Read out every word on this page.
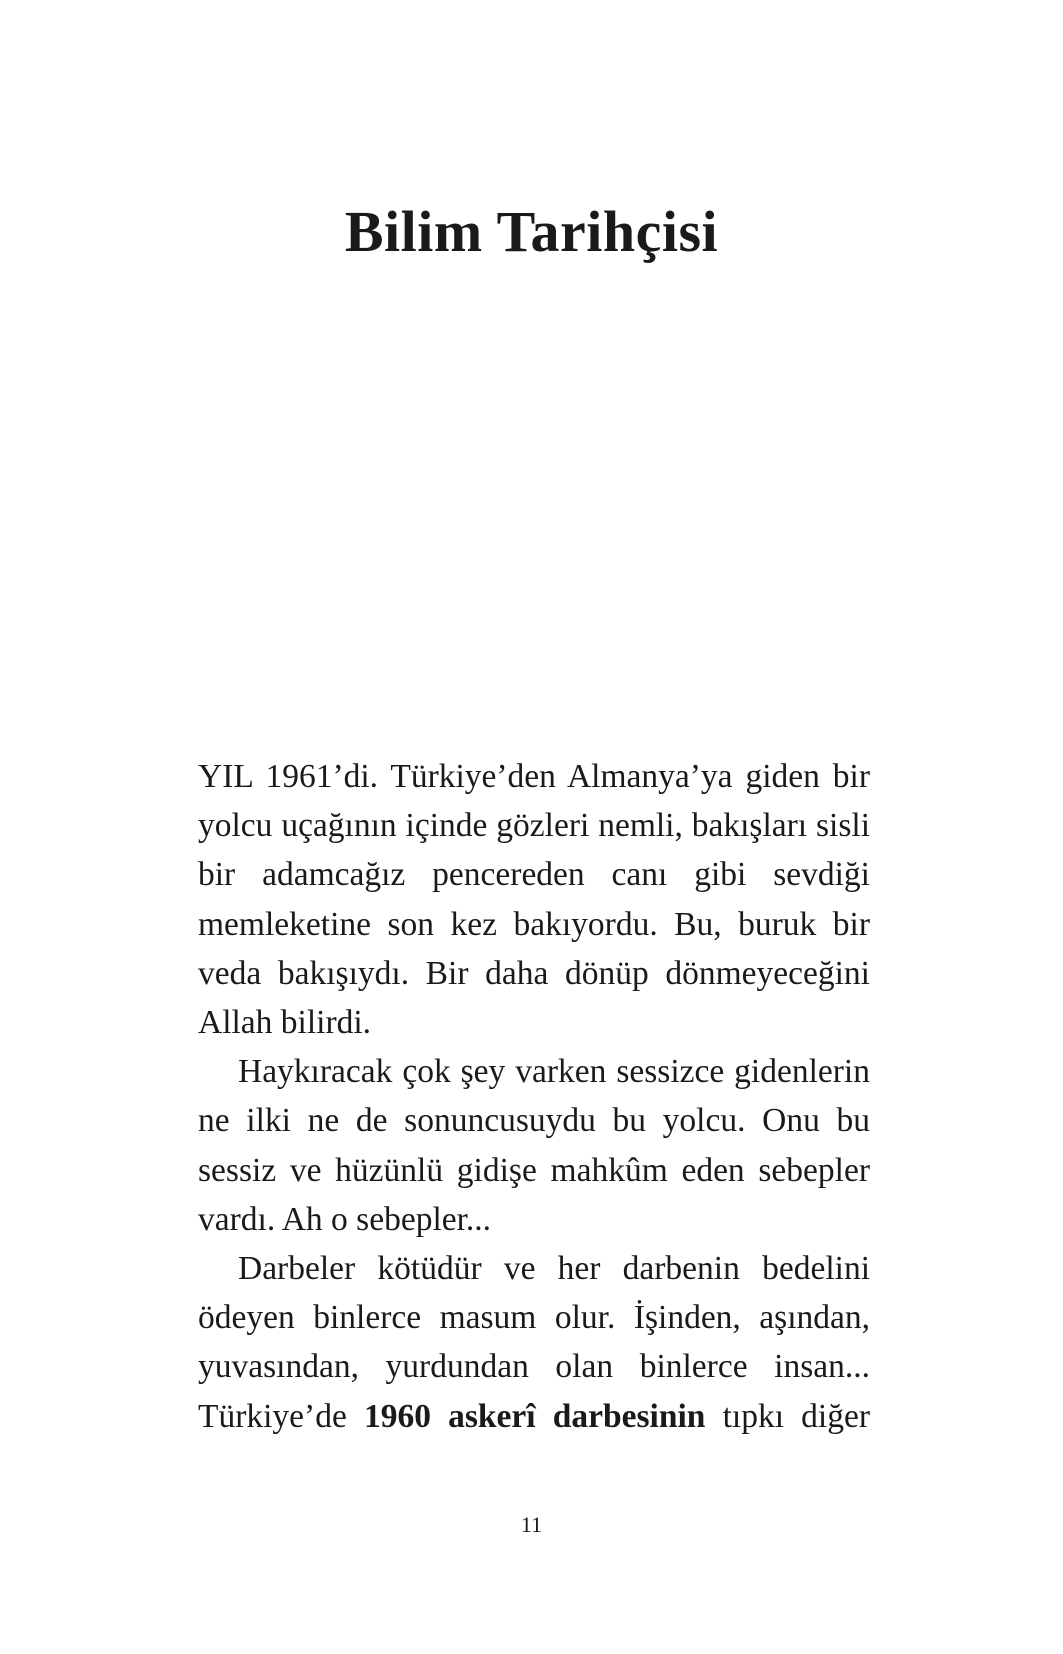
Bilim Tarihçisi

YIL 1961’di. Türkiye’den Almanya’ya giden bir yolcu uçağının içinde gözleri nemli, bakışları sisli bir adamcağız pencereden canı gibi sevdiği memleketine son kez bakıyordu. Bu, buruk bir veda bakışıydı. Bir daha dönüp dönmeyeceğini Allah bilirdi.

Haykıracak çok şey varken sessizce gidenlerin ne ilki ne de sonuncusuydu bu yolcu. Onu bu sessiz ve hüzünlü gidişe mahkûm eden sebepler vardı. Ah o sebepler...

Darbeler kötüdür ve her darbenin bedelini ödeyen binlerce masum olur. İşinden, aşından, yuvasından, yurdundan olan binlerce insan... Türkiye’de 1960 askerî darbesinin tıpkı diğer

11
